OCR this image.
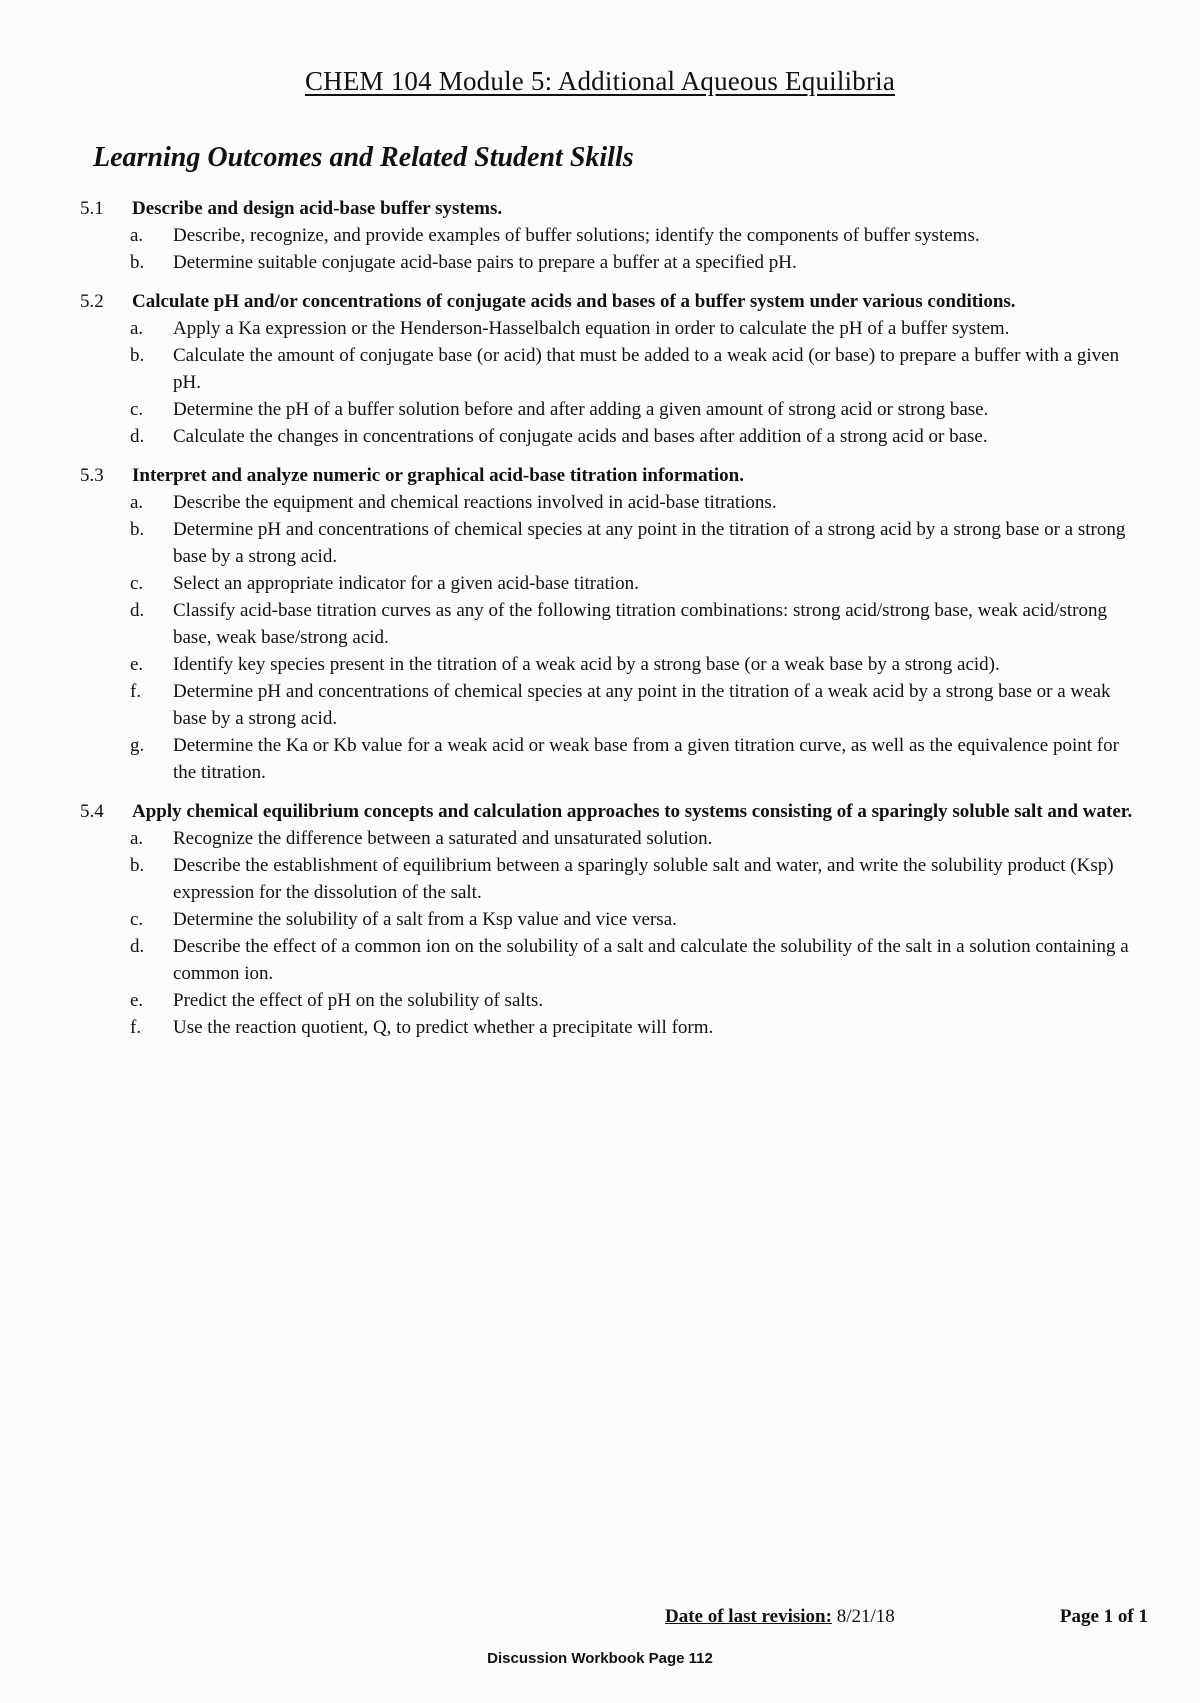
CHEM 104 Module 5: Additional Aqueous Equilibria
Learning Outcomes and Related Student Skills
5.1	Describe and design acid-base buffer systems.
a.	Describe, recognize, and provide examples of buffer solutions; identify the components of buffer systems.
b.	Determine suitable conjugate acid-base pairs to prepare a buffer at a specified pH.
5.2	Calculate pH and/or concentrations of conjugate acids and bases of a buffer system under various conditions.
a.	Apply a Ka expression or the Henderson-Hasselbalch equation in order to calculate the pH of a buffer system.
b.	Calculate the amount of conjugate base (or acid) that must be added to a weak acid (or base) to prepare a buffer with a given pH.
c.	Determine the pH of a buffer solution before and after adding a given amount of strong acid or strong base.
d.	Calculate the changes in concentrations of conjugate acids and bases after addition of a strong acid or base.
5.3	Interpret and analyze numeric or graphical acid-base titration information.
a.	Describe the equipment and chemical reactions involved in acid-base titrations.
b.	Determine pH and concentrations of chemical species at any point in the titration of a strong acid by a strong base or a strong base by a strong acid.
c.	Select an appropriate indicator for a given acid-base titration.
d.	Classify acid-base titration curves as any of the following titration combinations: strong acid/strong base, weak acid/strong base, weak base/strong acid.
e.	Identify key species present in the titration of a weak acid by a strong base (or a weak base by a strong acid).
f.	Determine pH and concentrations of chemical species at any point in the titration of a weak acid by a strong base or a weak base by a strong acid.
g.	Determine the Ka or Kb value for a weak acid or weak base from a given titration curve, as well as the equivalence point for the titration.
5.4	Apply chemical equilibrium concepts and calculation approaches to systems consisting of a sparingly soluble salt and water.
a.	Recognize the difference between a saturated and unsaturated solution.
b.	Describe the establishment of equilibrium between a sparingly soluble salt and water, and write the solubility product (Ksp) expression for the dissolution of the salt.
c.	Determine the solubility of a salt from a Ksp value and vice versa.
d.	Describe the effect of a common ion on the solubility of a salt and calculate the solubility of the salt in a solution containing a common ion.
e.	Predict the effect of pH on the solubility of salts.
f.	Use the reaction quotient, Q, to predict whether a precipitate will form.
Date of last revision: 8/21/18	Page 1 of 1
Discussion Workbook Page 112
